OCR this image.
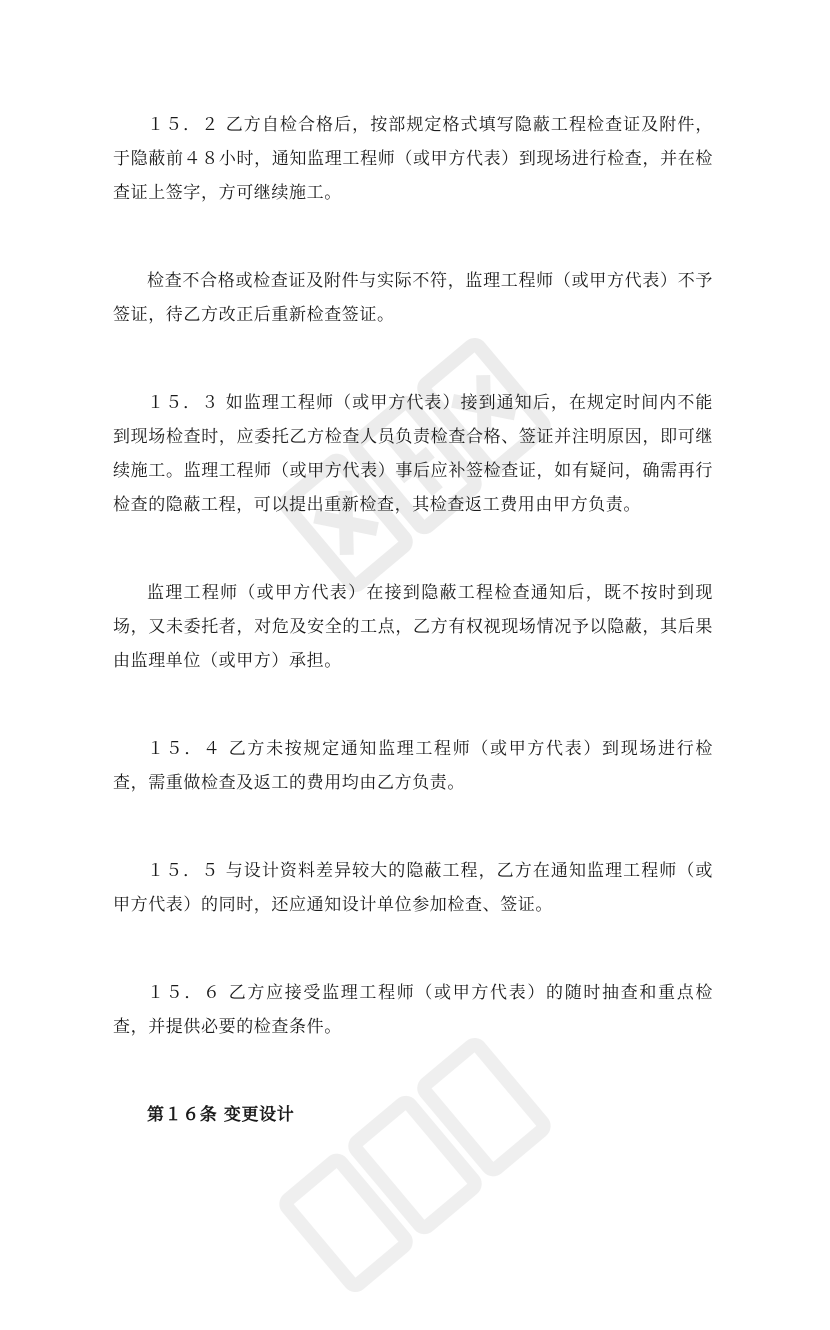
１５．２ 乙方自检合格后，按部规定格式填写隐蔽工程检查证及附件，于隐蔽前４８小时，通知监理工程师（或甲方代表）到现场进行检查，并在检查证上签字，方可继续施工。

检查不合格或检查证及附件与实际不符，监理工程师（或甲方代表）不予签证，待乙方改正后重新检查签证。

１５．３ 如监理工程师（或甲方代表）接到通知后，在规定时间内不能到现场检查时，应委托乙方检查人员负责检查合格、签证并注明原因，即可继续施工。监理工程师（或甲方代表）事后应补签检查证，如有疑问，确需再行检查的隐蔽工程，可以提出重新检查，其检查返工费用由甲方负责。

监理工程师（或甲方代表）在接到隐蔽工程检查通知后，既不按时到现场，又未委托者，对危及安全的工点，乙方有权视现场情况予以隐蔽，其后果由监理单位（或甲方）承担。

１５．４ 乙方未按规定通知监理工程师（或甲方代表）到现场进行检查，需重做检查及返工的费用均由乙方负责。

１５．５ 与设计资料差异较大的隐蔽工程，乙方在通知监理工程师（或甲方代表）的同时，还应通知设计单位参加检查、签证。

１５．６ 乙方应接受监理工程师（或甲方代表）的随时抽查和重点检查，并提供必要的检查条件。

第１６条 变更设计
